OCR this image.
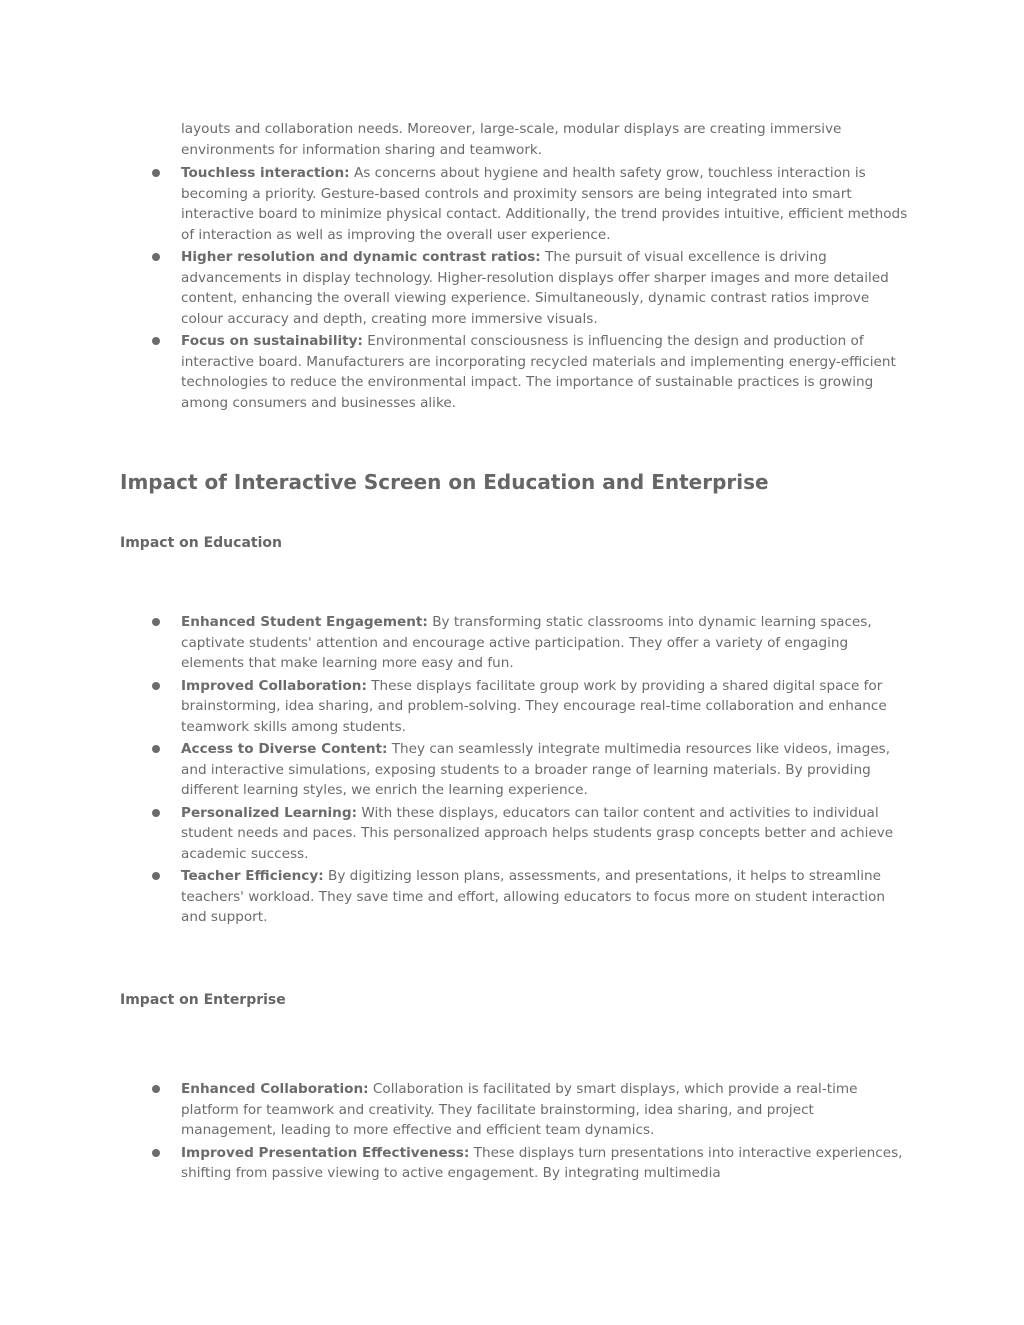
layouts and collaboration needs. Moreover, large-scale, modular displays are creating immersive environments for information sharing and teamwork.

Touchless interaction: As concerns about hygiene and health safety grow, touchless interaction is becoming a priority. Gesture-based controls and proximity sensors are being integrated into smart interactive board to minimize physical contact. Additionally, the trend provides intuitive, efficient methods of interaction as well as improving the overall user experience.
Higher resolution and dynamic contrast ratios: The pursuit of visual excellence is driving advancements in display technology. Higher-resolution displays offer sharper images and more detailed content, enhancing the overall viewing experience. Simultaneously, dynamic contrast ratios improve colour accuracy and depth, creating more immersive visuals.
Focus on sustainability: Environmental consciousness is influencing the design and production of interactive board. Manufacturers are incorporating recycled materials and implementing energy-efficient technologies to reduce the environmental impact. The importance of sustainable practices is growing among consumers and businesses alike.
Impact of Interactive Screen on Education and Enterprise
Impact on Education
Enhanced Student Engagement: By transforming static classrooms into dynamic learning spaces, captivate students' attention and encourage active participation. They offer a variety of engaging elements that make learning more easy and fun.
Improved Collaboration: These displays facilitate group work by providing a shared digital space for brainstorming, idea sharing, and problem-solving. They encourage real-time collaboration and enhance teamwork skills among students.
Access to Diverse Content: They can seamlessly integrate multimedia resources like videos, images, and interactive simulations, exposing students to a broader range of learning materials. By providing different learning styles, we enrich the learning experience.
Personalized Learning: With these displays, educators can tailor content and activities to individual student needs and paces. This personalized approach helps students grasp concepts better and achieve academic success.
Teacher Efficiency: By digitizing lesson plans, assessments, and presentations, it helps to streamline teachers' workload. They save time and effort, allowing educators to focus more on student interaction and support.
Impact on Enterprise
Enhanced Collaboration: Collaboration is facilitated by smart displays, which provide a real-time platform for teamwork and creativity. They facilitate brainstorming, idea sharing, and project management, leading to more effective and efficient team dynamics.
Improved Presentation Effectiveness: These displays turn presentations into interactive experiences, shifting from passive viewing to active engagement. By integrating multimedia
